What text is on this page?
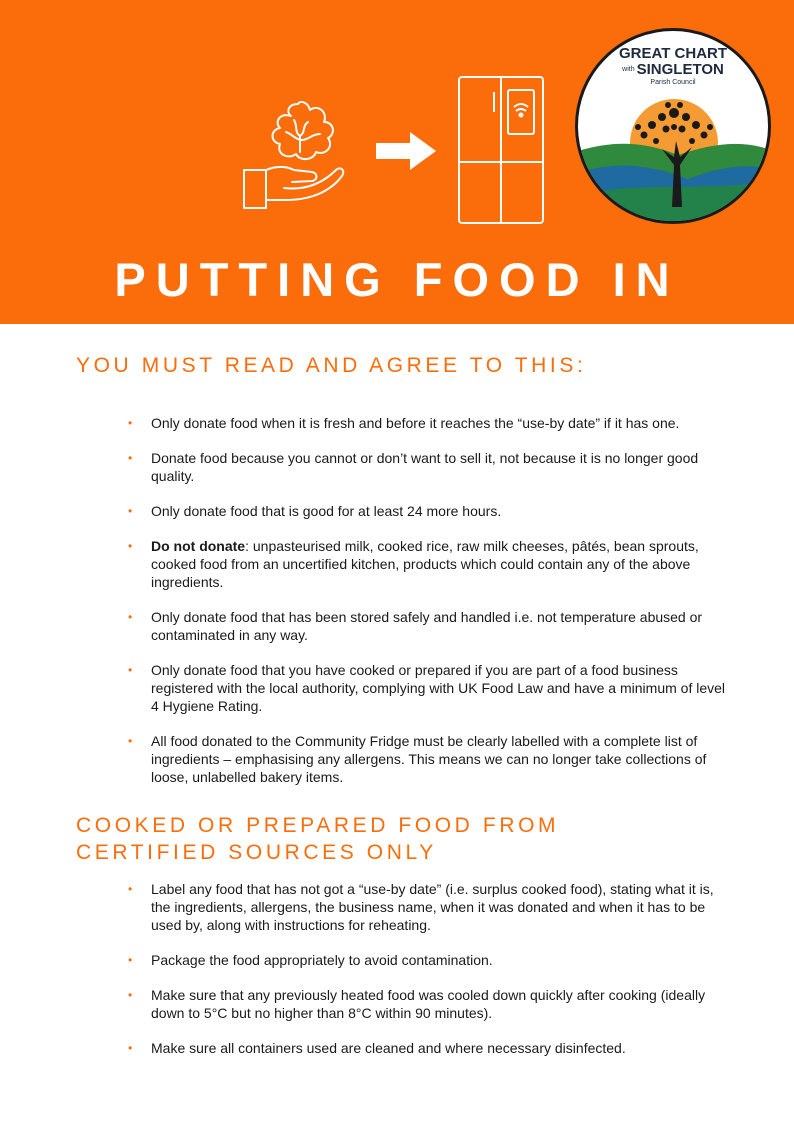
GREAT CHART
with SINGLETON
Parish Council
PUTTING FOOD IN
YOU MUST READ AND AGREE TO THIS:
• Only donate food when it is fresh and before it reaches the “use-by date” if it has one.
• Donate food because you cannot or don’t want to sell it, not because it is no longer good quality.
• Only donate food that is good for at least 24 more hours.
• Do not donate: unpasteurised milk, cooked rice, raw milk cheeses, pâtés, bean sprouts, cooked food from an uncertified kitchen, products which could contain any of the above ingredients.
• Only donate food that has been stored safely and handled i.e. not temperature abused or contaminated in any way.
• Only donate food that you have cooked or prepared if you are part of a food business registered with the local authority, complying with UK Food Law and have a minimum of level 4 Hygiene Rating.
• All food donated to the Community Fridge must be clearly labelled with a complete list of ingredients – emphasising any allergens. This means we can no longer take collections of loose, unlabelled bakery items.
COOKED OR PREPARED FOOD FROM
CERTIFIED SOURCES ONLY
• Label any food that has not got a “use-by date” (i.e. surplus cooked food), stating what it is, the ingredients, allergens, the business name, when it was donated and when it has to be used by, along with instructions for reheating.
• Package the food appropriately to avoid contamination.
• Make sure that any previously heated food was cooled down quickly after cooking (ideally down to 5°C but no higher than 8°C within 90 minutes).
• Make sure all containers used are cleaned and where necessary disinfected.
